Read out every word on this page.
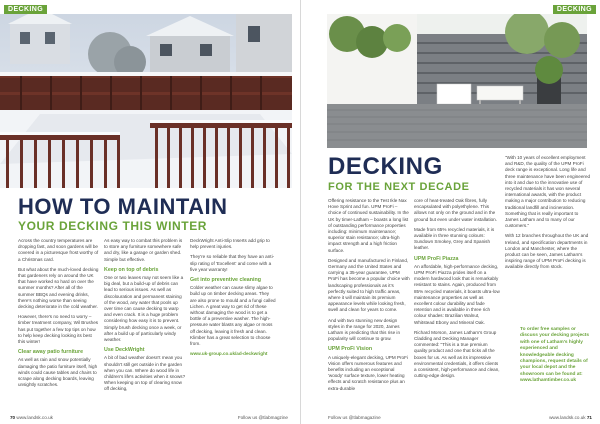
DECKING
HOW TO MAINTAIN
YOUR DECKING THIS WINTER

Across the country temperatures are dropping fast, and soon gardens will be covered in a picturesque frost worthy of a Christmas card.

But what about the much-loved decking that gardeners rely on around the UK that have worked so hard on over the summer months? After all of the summer BBQs and evening drinks, there's nothing worse than seeing decking deteriorate in the cold weather.

However, there's no need to worry – timber treatment company, Wil Brushes has put together a few top tips on how to help keep decking looking its best this winter!

Clear away patio furniture

As well as rain and snow potentially damaging the patio furniture itself, high winds could cause tables and chairs to scrape along decking boards, leaving unsightly scratches.

As easy way to combat this problem is to store any furniture somewhere safe and dry, like a garage or garden shed. Simple but effective.

Keep on top of debris

One or two leaves may not seem like a big deal, but a build-up of debris can lead to serious issues. As well as discolouration and permanent staining of the wood, any water that pools up over time can cause decking to warp and even crack. It is a huge problem considering how easy it is to prevent. Simply brush decking once a week, or after a build up of particularly windy weather.

Use DeckWright

A bit of bad weather doesn't mean you shouldn't still get outside in the garden when you can. Where do wood life in children's life's activities when it snows? When keeping on top of clearing snow off decking,

DeckWright Anti-Slip Inserts add grip to help prevent injuries.

They're so reliable that they have an anti-slip rating of 'Excellent' and come with a five year warranty!

Get into preventive cleaning

Colder weather can cause slimy algae to build up on timber decking areas. They are also prone to mould and a fungi called Lichen. A great way to get rid of these without damaging the wood is to get a bottle of a preventive washer. The high-pressure water blasts any algae or moss off decking, leaving it fresh and clean. Klimber has a great selection to choose from.

www.uk-group.co.uk/ad-deckwright

70 www.landsk.co.uk	Follow us @tlabmagzine
DECKING
DECKING
FOR THE NEXT DECADE

Offering resistance to the Test Ikle Nax Hove Sprint and fun. UPM ProFi – choice of continued sustainability. In the UK by timer-Latham – boasts a long list of outstanding performance properties including: minimum maintenance; superior stain resistance; ultra-high impact strength and a high friction surface.

Designed and manufactured in Finland, Germany and the United States and carrying a 35-year guarantee, UPM ProFi has become a popular choice with landscaping professionals as it's perfectly suited to high traffic areas, where it will maintain its premium appearance levels while looking fresh, swell and clean for years to come.

And with two stunning new design styles in the range for 2020, James Latham is predicting that this rise in popularity will continue to grow.

UPM ProFi Vision

A uniquely-elegant decking, UPM ProFi Vision offers numerous features and benefits including an exceptional 'woody' surface texture, lower heating effects and scratch resistance plus an extra-durable

core of heat-treated Oak fibres, fully encapsulated with polyethylene. This allows not only on the ground and in the ground but even under water installation.

Made from 65% recycled materials, it is available in three stunning colours: Sundown Smokey, Grey and Spanish leather.

UPM ProFi Piazza

An affordable, high-performance decking, UPM ProFi Piazza prides itself on a modern hardwood look that is remarkably resistant to stains. Again, produced from 85% recycled materials, it boasts ultra-low maintenance properties as well as excellent colour durability and fade retention and is available in three rich colour shades: Brazilian Walnut, Whitstead Ebony and Mineral Oak.

Richard Morson, James Latham's Group Cladding and Decking Manager commented: "This is a true premium quality product and one that ticks all the boxes for us. As well as its impressive environmental credentials, it offers clients a consistent, high-performance and clean, cutting-edge design.

"With 10 years of excellent employment and R&D, the quality of the UPM ProFi deck range is exceptional. Long life and three maintenance have been engineered into it and due to the innovative use of recycled materials it has won several international awards, with the product making a major contribution to reducing traditional landfill and incineration. Something that is really important to James Latham and to many of our customers."

With 12 branches throughout the UK and Ireland, and specification departments in London and Manchester, where the product can be seen, James Latham's inspiring range of UPM ProFi decking is available directly from stock.

www.landsk.co.uk 71
Follow us @tlabmagazine
To order free samples or discuss your decking projects with one of Latham's highly experienced and knowledgeable decking champions, request details of your local depot and the showroom can be found at: www.lathamtimber.co.uk
